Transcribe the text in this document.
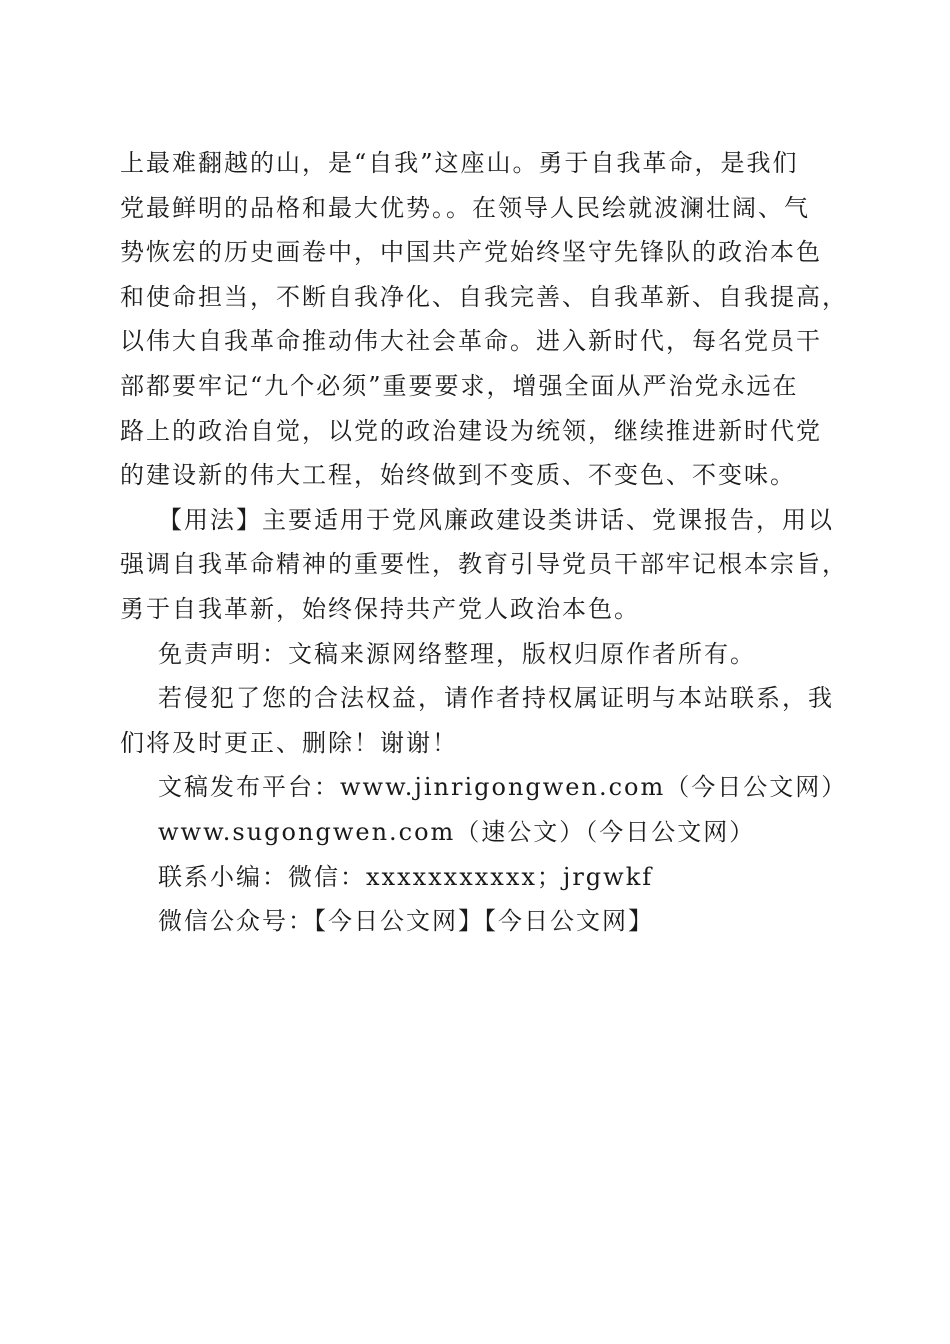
上最难翻越的山，是“自我”这座山。勇于自我革命，是我们
党最鲜明的品格和最大优势。。在领导人民绘就波澜壮阔、气
势恢宏的历史画卷中，中国共产党始终坚守先锋队的政治本色
和使命担当，不断自我净化、自我完善、自我革新、自我提高，
以伟大自我革命推动伟大社会革命。进入新时代，每名党员干
部都要牢记“九个必须”重要要求，增强全面从严治党永远在
路上的政治自觉，以党的政治建设为统领，继续推进新时代党
的建设新的伟大工程，始终做到不变质、不变色、不变味。
【用法】主要适用于党风廉政建设类讲话、党课报告，用以
强调自我革命精神的重要性，教育引导党员干部牢记根本宗旨，
勇于自我革新，始终保持共产党人政治本色。

免责声明：文稿来源网络整理，版权归原作者所有。

若侵犯了您的合法权益，请作者持权属证明与本站联系，我
们将及时更正、删除！谢谢！

文稿发布平台：www.jinrigongwen.com（今日公文网）

www.sugongwen.com（速公文）（今日公文网）

联系小编：微信：xxxxxxxxxxx；jrgwkf

微信公众号：【今日公文网】【今日公文网】
